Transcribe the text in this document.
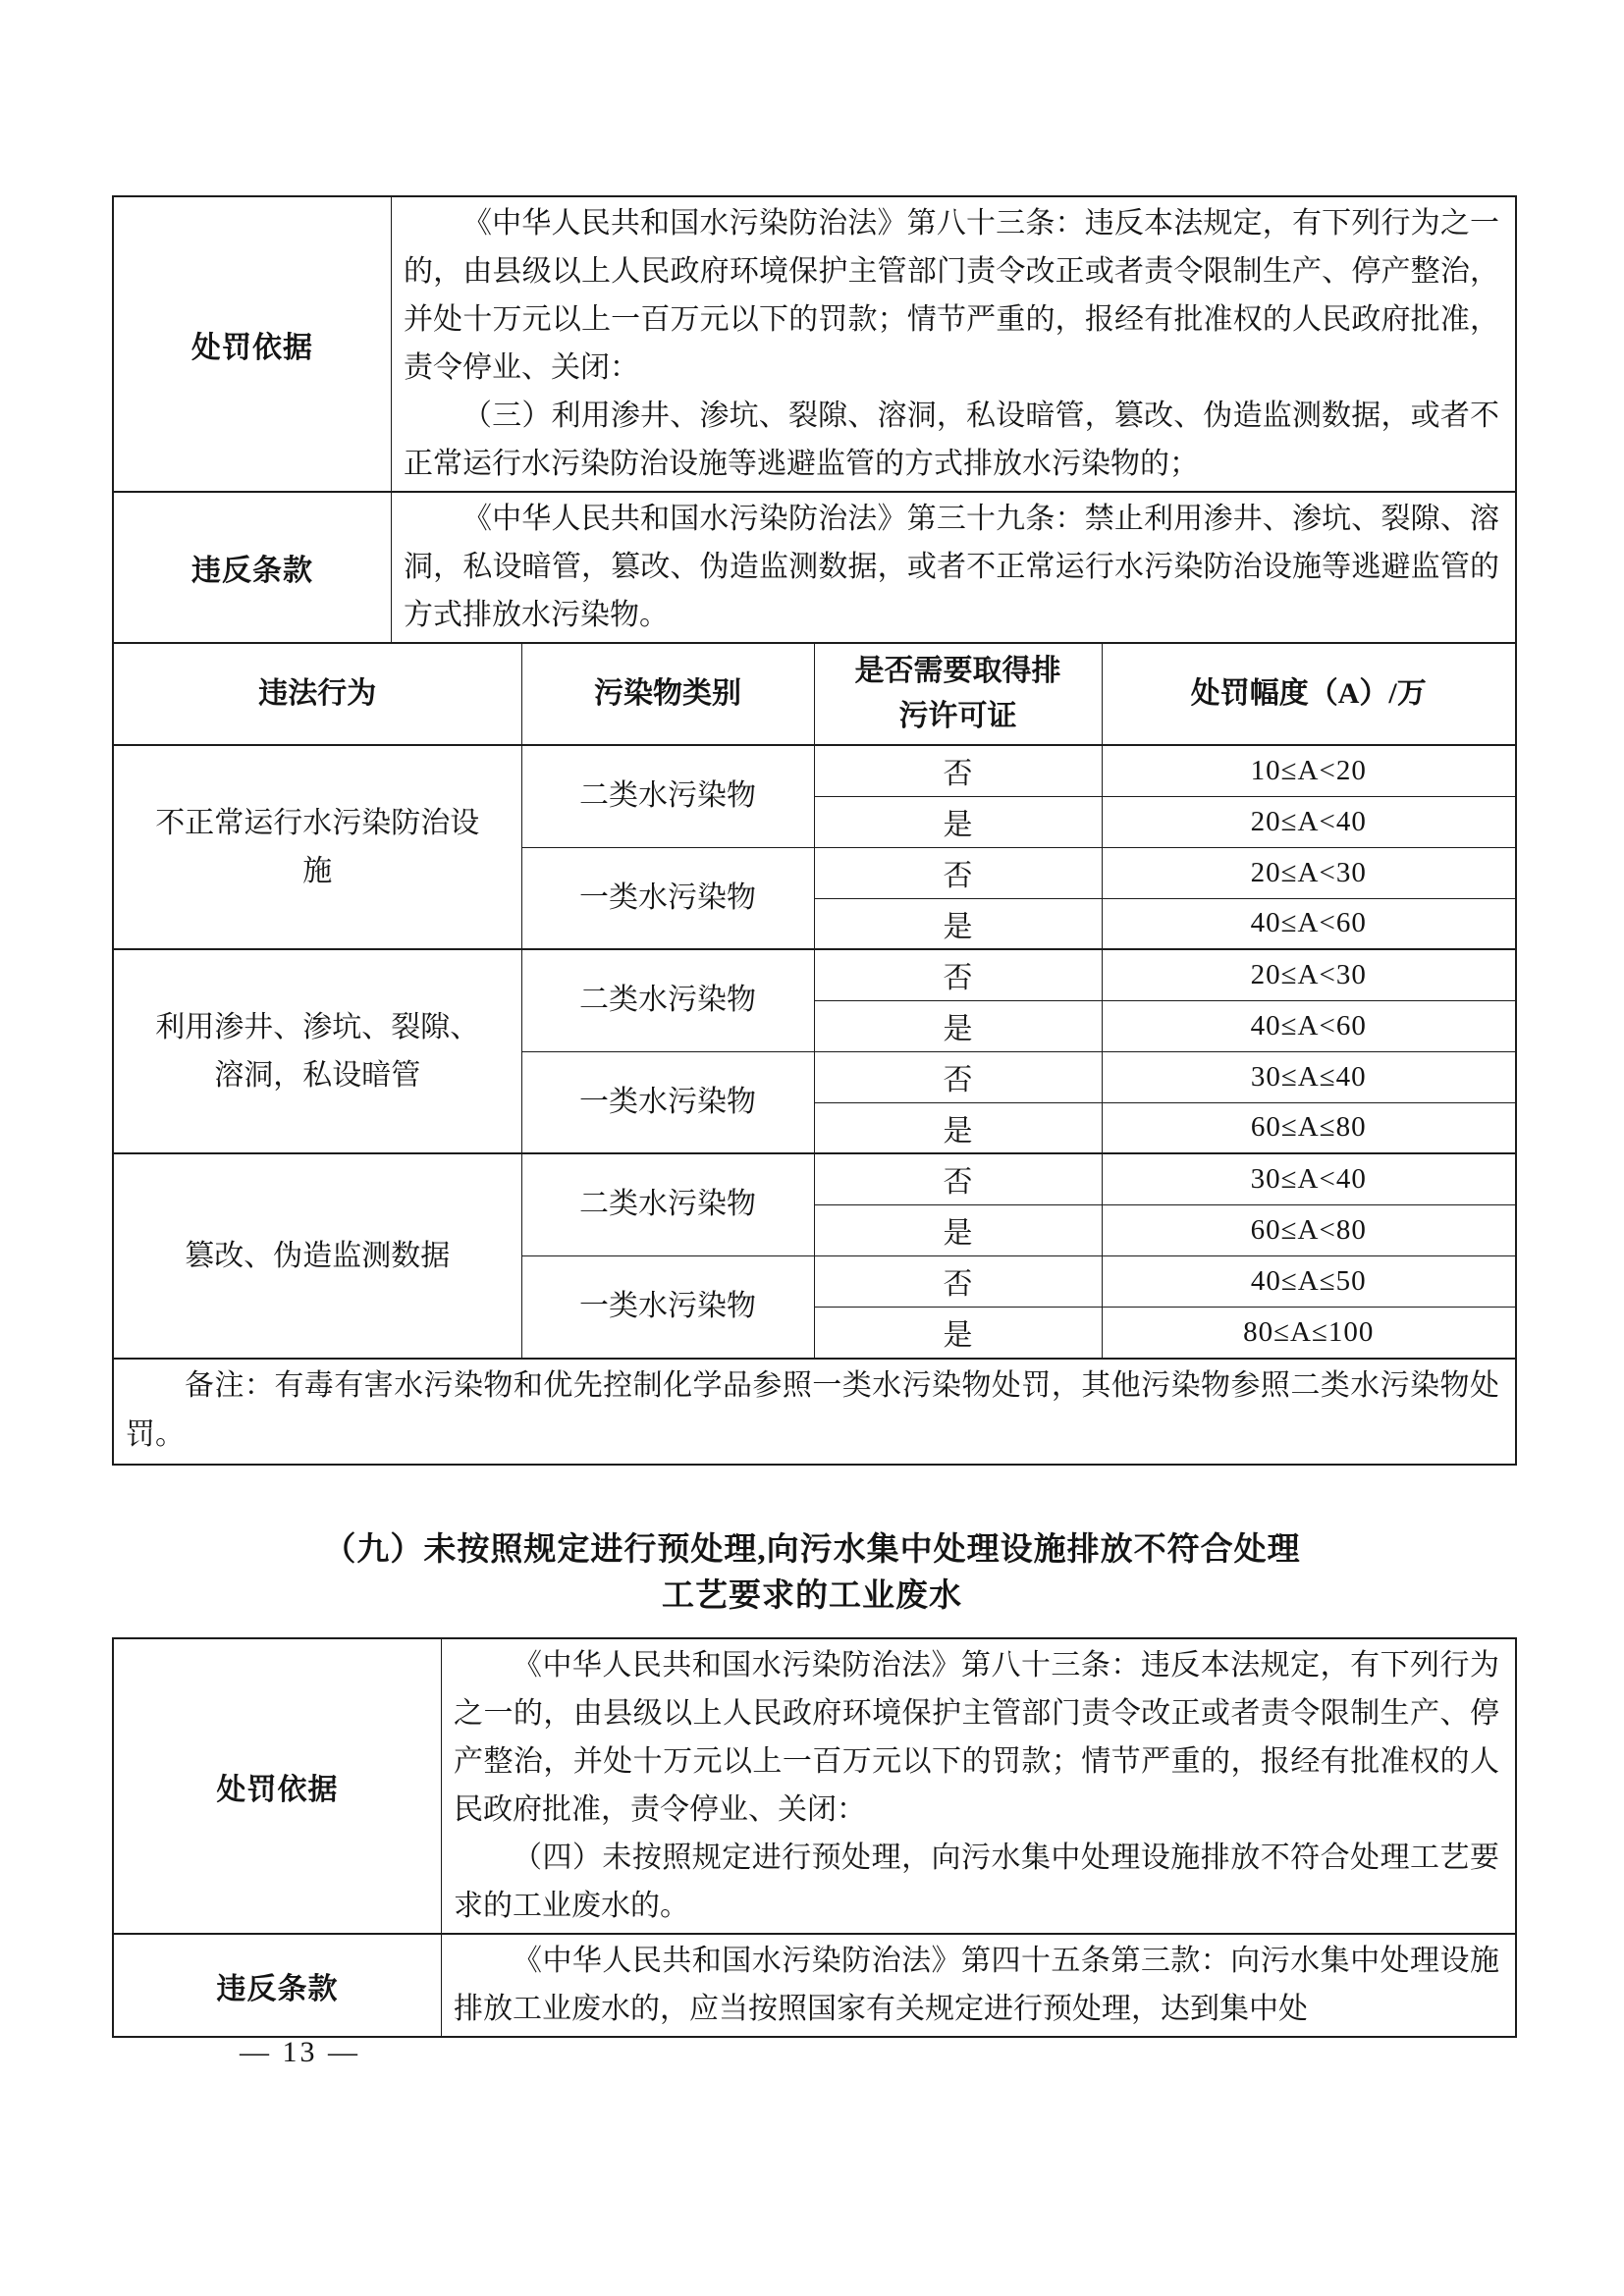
处罚依据

《中华人民共和国水污染防治法》第八十三条：违反本法规定，有下列行为之一的，由县级以上人民政府环境保护主管部门责令改正或者责令限制生产、停产整治，并处十万元以上一百万元以下的罚款；情节严重的，报经有批准权的人民政府批准，责令停业、关闭：

（三）利用渗井、渗坑、裂隙、溶洞，私设暗管，篡改、伪造监测数据，或者不正常运行水污染防治设施等逃避监管的方式排放水污染物的；

违反条款

《中华人民共和国水污染防治法》第三十九条：禁止利用渗井、渗坑、裂隙、溶洞，私设暗管，篡改、伪造监测数据，或者不正常运行水污染防治设施等逃避监管的方式排放水污染物。

违法行为	污染物类别	是否需要取得排污许可证	处罚幅度（A）/万
不正常运行水污染防治设施	二类水污染物	否	10≤A<20
		是	20≤A<40
	一类水污染物	否	20≤A<30
		是	40≤A<60
利用渗井、渗坑、裂隙、溶洞，私设暗管	二类水污染物	否	20≤A<30
		是	40≤A<60
	一类水污染物	否	30≤A≤40
		是	60≤A≤80
篡改、伪造监测数据	二类水污染物	否	30≤A<40
		是	60≤A<80
	一类水污染物	否	40≤A≤50
		是	80≤A≤100

备注：有毒有害水污染物和优先控制化学品参照一类水污染物处罚，其他污染物参照二类水污染物处罚。

（九）未按照规定进行预处理,向污水集中处理设施排放不符合处理
工艺要求的工业废水
处罚依据

《中华人民共和国水污染防治法》第八十三条：违反本法规定，有下列行为之一的，由县级以上人民政府环境保护主管部门责令改正或者责令限制生产、停产整治，并处十万元以上一百万元以下的罚款；情节严重的，报经有批准权的人民政府批准，责令停业、关闭：

（四）未按照规定进行预处理，向污水集中处理设施排放不符合处理工艺要求的工业废水的。

违反条款

《中华人民共和国水污染防治法》第四十五条第三款：向污水集中处理设施排放工业废水的，应当按照国家有关规定进行预处理，达到集中处

— 13 —
